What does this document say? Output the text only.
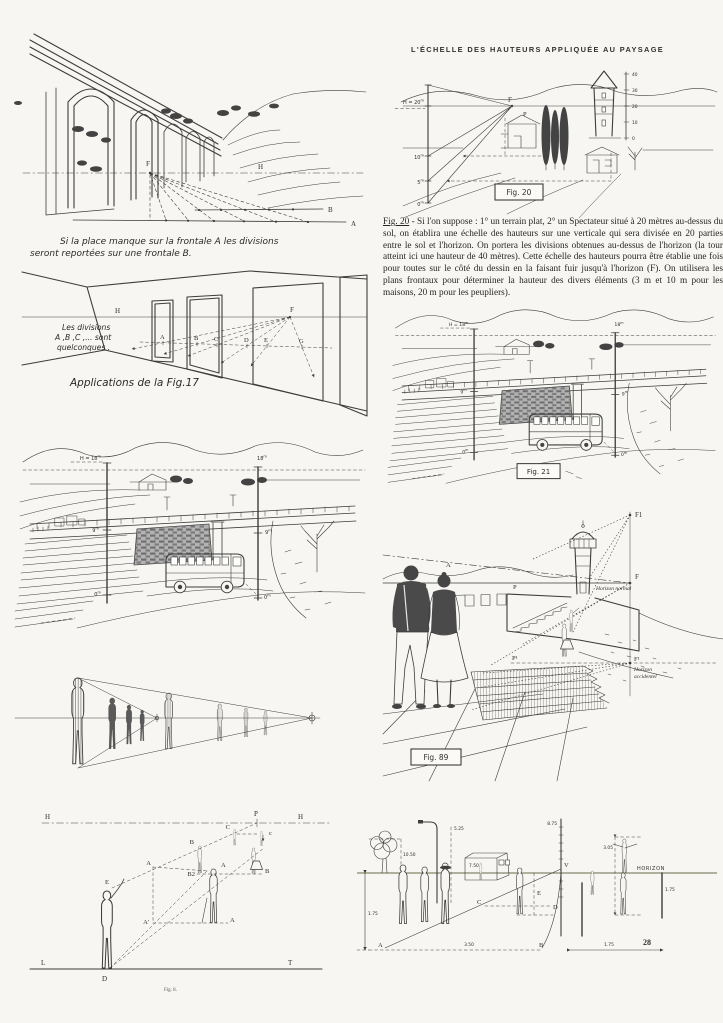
F	H
B
A
Si la place manque sur la frontale A les divisions
seront reportées sur une frontale B.
H	F
A	B C	D E	G
Les divisions
A ,B ,C ,... sont
quelconques .
Applications de la Fig.17
$H = 18^m$	18$^m$
9$^m$
9$^m$
0$^m$
0$^m$
H	P	H
E
A
A'
A
A
B
B2	B
C
c
L
D
T
Fig. 8.
L'ÉCHELLE DES HAUTEURS APPLIQUÉE AU PAYSAGE
$H = 20^m$
10$^m$
5$^m$
0$^m$
40
30
20
10
0
F
P
Fig. 20

Fig. 20 - Si l'on suppose : 1° un terrain plat, 2° un Spectateur situé à 20 mètres au-dessus du sol, on établira une échelle des hauteurs sur une verticale qui sera divisée en 20 parties entre le sol et l'horizon. On portera les divisions obtenues au-dessus de l'horizon (la tour atteint ici une hauteur de 40 mètres). Cette échelle des hauteurs pourra être établie une fois pour toutes sur le côté du dessin en la faisant fuir jusqu'à l'horizon (F). On utilisera les plans frontaux pour déterminer la hauteur des divers éléments (3 m et 10 m pour les maisons, 20 m pour les peupliers).

$H = 18^m$
18$^m$
9$^m$
9$^m$
0$^m$
0$^m$
Fig. 21
F1
F
Horizon normal
P
P¹	F¹
Horizon
accidentel
A
Fig. 89
10.50
1.75
5.25
7.50
8.75
3.05
1.75
3.50	1.75
A	B
C
D
E
V	HORIZON
28
